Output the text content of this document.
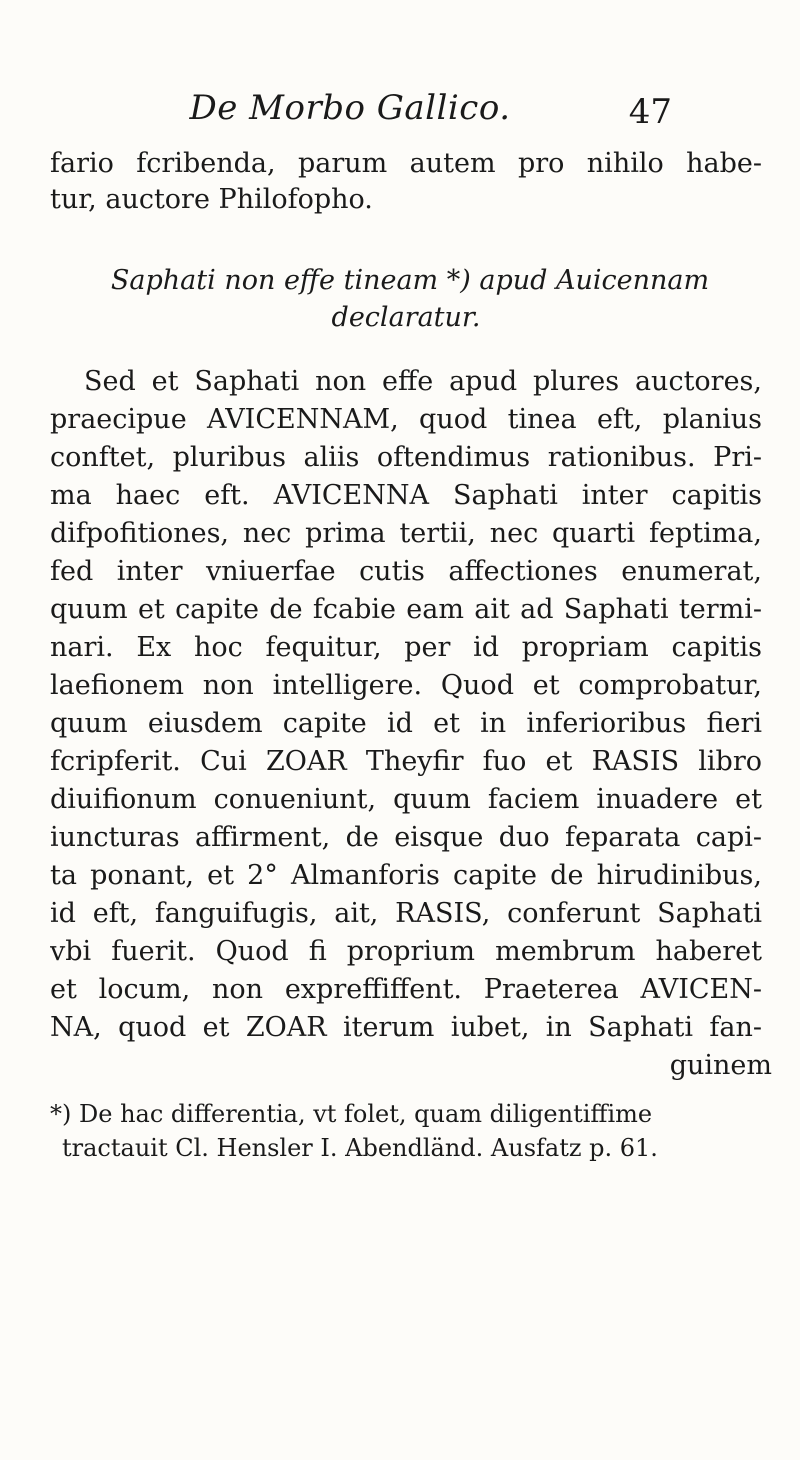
De Morbo Gallico.	47
fario fcribenda, parum autem pro nihilo habe-
tur, auctore Philofopho.
Saphati non effe tineam *) apud Auicennam
declaratur.
Sed et Saphati non effe apud plures auctores,
praecipue AVICENNAM, quod tinea eft, planius
conftet, pluribus aliis oftendimus rationibus. Pri-
ma haec eft. AVICENNA Saphati inter capitis
difpofitiones, nec prima tertii, nec quarti feptima,
fed inter vniuerfae cutis affectiones enumerat,
quum et capite de fcabie eam ait ad Saphati termi-
nari. Ex hoc fequitur, per id propriam capitis
laefionem non intelligere. Quod et comprobatur,
quum eiusdem capite id et in inferioribus fieri
fcripferit. Cui ZOAR Theyfir fuo et RASIS libro
diuifionum conueniunt, quum faciem inuadere et
iuncturas affirment, de eisque duo feparata capi-
ta ponant, et 2° Almanforis capite de hirudinibus,
id eft, fanguifugis, ait, RASIS, conferunt Saphati
vbi fuerit. Quod fi proprium membrum haberet
et locum, non expreffiffent. Praeterea AVICEN-
NA, quod et ZOAR iterum iubet, in Saphati fan-
guinem
*) De hac differentia, vt folet, quam diligentiffime
tractauit Cl. Hensler I. Abendländ. Ausfatz p. 61.
